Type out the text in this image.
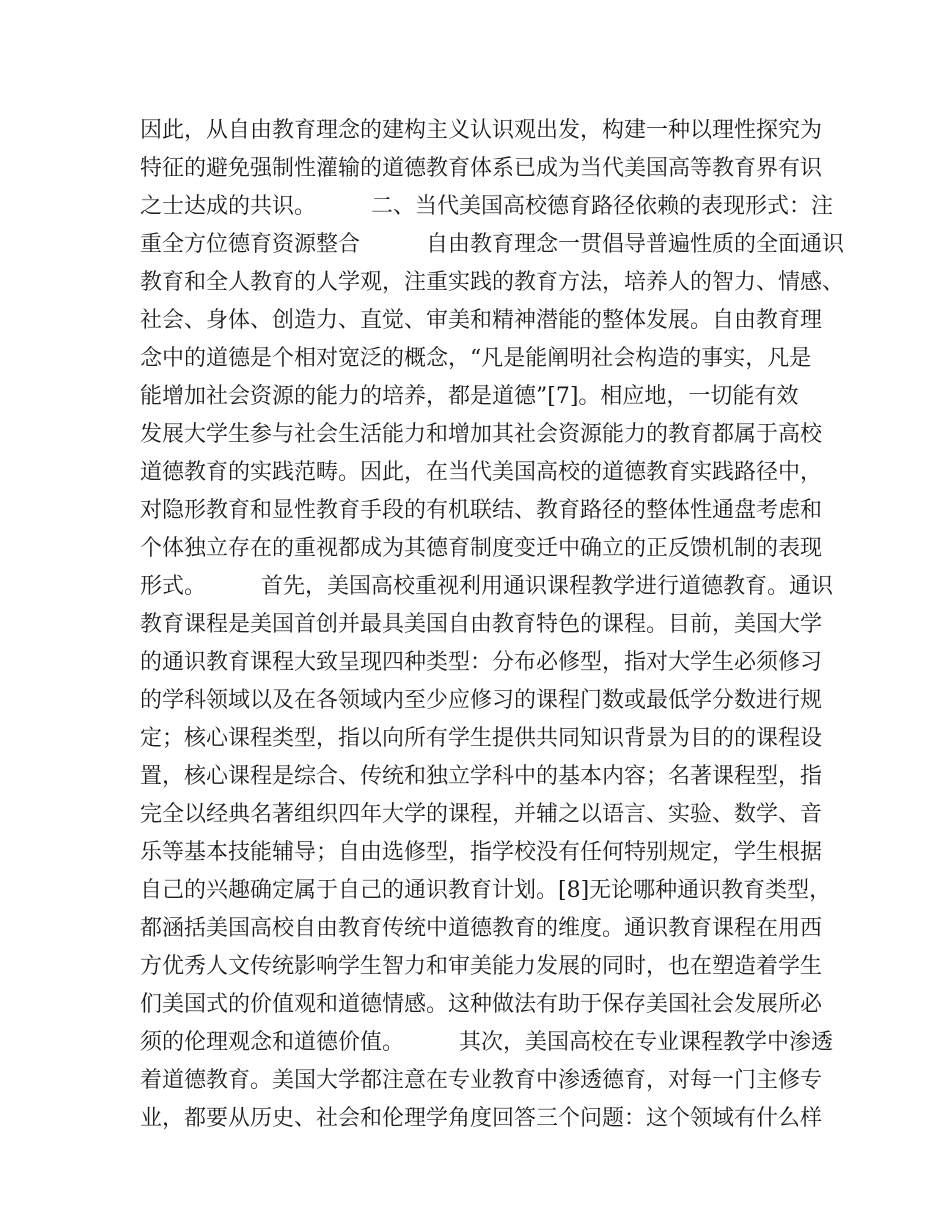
因此，从自由教育理念的建构主义认识观出发，构建一种以理性探究为
特征的避免强制性灌输的道德教育体系已成为当代美国高等教育界有识
之士达成的共识。　　　二、当代美国高校德育路径依赖的表现形式：注
重全方位德育资源整合　　　自由教育理念一贯倡导普遍性质的全面通识
教育和全人教育的人学观，注重实践的教育方法，培养人的智力、情感、
社会、身体、创造力、直觉、审美和精神潜能的整体发展。自由教育理
念中的道德是个相对宽泛的概念，“凡是能阐明社会构造的事实，凡是
能增加社会资源的能力的培养，都是道德”[7]。相应地，一切能有效
发展大学生参与社会生活能力和增加其社会资源能力的教育都属于高校
道德教育的实践范畴。因此，在当代美国高校的道德教育实践路径中，
对隐形教育和显性教育手段的有机联结、教育路径的整体性通盘考虑和
个体独立存在的重视都成为其德育制度变迁中确立的正反馈机制的表现
形式。　　　首先，美国高校重视利用通识课程教学进行道德教育。通识
教育课程是美国首创并最具美国自由教育特色的课程。目前，美国大学
的通识教育课程大致呈现四种类型：分布必修型，指对大学生必须修习
的学科领域以及在各领域内至少应修习的课程门数或最低学分数进行规
定；核心课程类型，指以向所有学生提供共同知识背景为目的的课程设
置，核心课程是综合、传统和独立学科中的基本内容；名著课程型，指
完全以经典名著组织四年大学的课程，并辅之以语言、实验、数学、音
乐等基本技能辅导；自由选修型，指学校没有任何特别规定，学生根据
自己的兴趣确定属于自己的通识教育计划。[8]无论哪种通识教育类型，
都涵括美国高校自由教育传统中道德教育的维度。通识教育课程在用西
方优秀人文传统影响学生智力和审美能力发展的同时，也在塑造着学生
们美国式的价值观和道德情感。这种做法有助于保存美国社会发展所必
须的伦理观念和道德价值。　　　其次，美国高校在专业课程教学中渗透
着道德教育。美国大学都注意在专业教育中渗透德育，对每一门主修专
业，都要从历史、社会和伦理学角度回答三个问题：这个领域有什么样
